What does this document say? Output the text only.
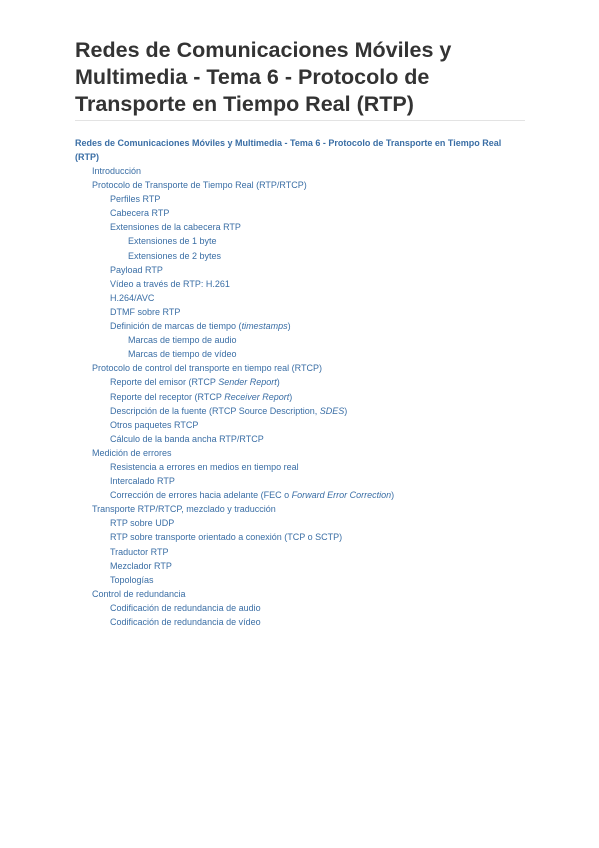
Redes de Comunicaciones Móviles y Multimedia - Tema 6 - Protocolo de Transporte en Tiempo Real (RTP)
Redes de Comunicaciones Móviles y Multimedia - Tema 6 - Protocolo de Transporte en Tiempo Real (RTP)
Introducción
Protocolo de Transporte de Tiempo Real (RTP/RTCP)
Perfiles RTP
Cabecera RTP
Extensiones de la cabecera RTP
Extensiones de 1 byte
Extensiones de 2 bytes
Payload RTP
Vídeo a través de RTP: H.261
H.264/AVC
DTMF sobre RTP
Definición de marcas de tiempo (timestamps)
Marcas de tiempo de audio
Marcas de tiempo de vídeo
Protocolo de control del transporte en tiempo real (RTCP)
Reporte del emisor (RTCP Sender Report)
Reporte del receptor (RTCP Receiver Report)
Descripción de la fuente (RTCP Source Description, SDES)
Otros paquetes RTCP
Cálculo de la banda ancha RTP/RTCP
Medición de errores
Resistencia a errores en medios en tiempo real
Intercalado RTP
Corrección de errores hacia adelante (FEC o Forward Error Correction)
Transporte RTP/RTCP, mezclado y traducción
RTP sobre UDP
RTP sobre transporte orientado a conexión (TCP o SCTP)
Traductor RTP
Mezclador RTP
Topologías
Control de redundancia
Codificación de redundancia de audio
Codificación de redundancia de vídeo
